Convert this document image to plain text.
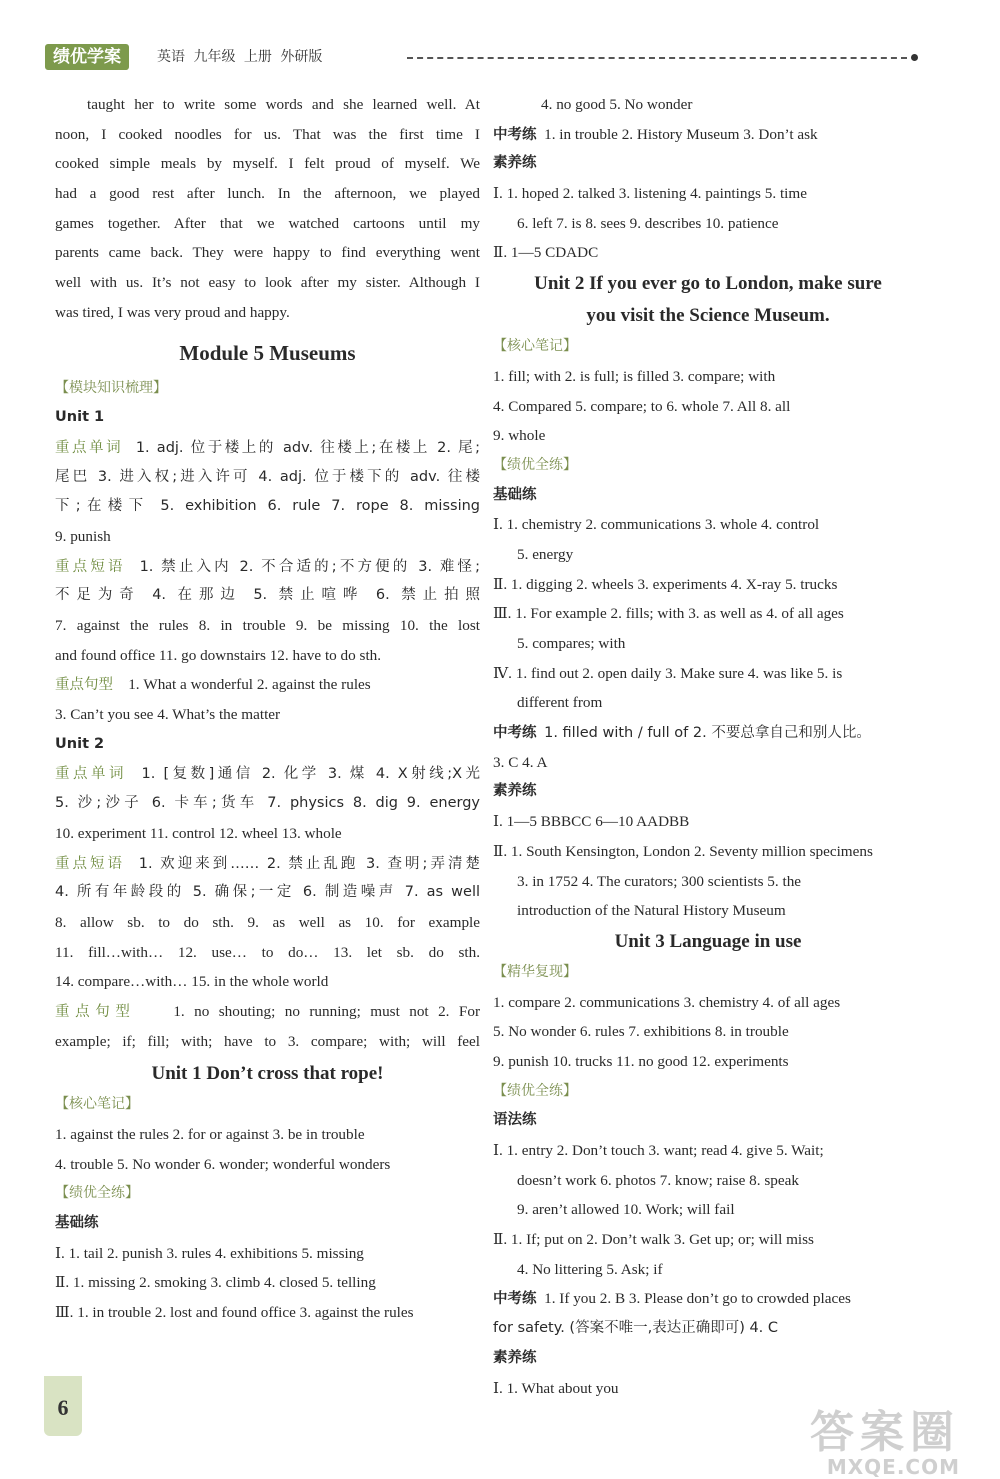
绩优学案	英语 九年级 上册 外研版
taught her to write some words and she learned well. At
noon, I cooked noodles for us. That was the first time I
cooked simple meals by myself. I felt proud of myself. We
had a good rest after lunch. In the afternoon, we played
games together. After that we watched cartoons until my
parents came back. They were happy to find everything went
well with us. It’s not easy to look after my sister. Although I
was tired, I was very proud and happy.
Module 5 Museums
【模块知识梳理】
Unit 1
重点单词 1. adj. 位于楼上的 adv. 往楼上;在楼上 2. 尾;
尾巴 3. 进入权;进入许可 4. adj. 位于楼下的 adv. 往楼
下;在楼下 5. exhibition 6. rule 7. rope 8. missing
9. punish
重点短语 1. 禁止入内 2. 不合适的;不方便的 3. 难怪;
不足为奇 4. 在那边 5. 禁止喧哗 6. 禁止拍照
7. against the rules 8. in trouble 9. be missing 10. the lost
and found office 11. go downstairs 12. have to do sth.
重点句型 1. What a wonderful 2. against the rules
3. Can’t you see 4. What’s the matter
Unit 2
重点单词 1. [复数]通信 2. 化学 3. 煤 4. X射线;X光
5. 沙;沙子 6. 卡车;货车 7. physics 8. dig 9. energy
10. experiment 11. control 12. wheel 13. whole
重点短语 1. 欢迎来到…… 2. 禁止乱跑 3. 查明;弄清楚
4. 所有年龄段的 5. 确保;一定 6. 制造噪声 7. as well
8. allow sb. to do sth. 9. as well as 10. for example
11. fill…with… 12. use… to do… 13. let sb. do sth.
14. compare…with… 15. in the whole world
重点句型 1. no shouting; no running; must not 2. For
example; if; fill; with; have to 3. compare; with; will feel
Unit 1 Don’t cross that rope!
【核心笔记】
1. against the rules 2. for or against 3. be in trouble
4. trouble 5. No wonder 6. wonder; wonderful wonders
【绩优全练】
基础练
Ⅰ. 1. tail 2. punish 3. rules 4. exhibitions 5. missing
Ⅱ. 1. missing 2. smoking 3. climb 4. closed 5. telling
Ⅲ. 1. in trouble 2. lost and found office 3. against the rules
4. no good 5. No wonder
中考练 1. in trouble 2. History Museum 3. Don’t ask
素养练
Ⅰ. 1. hoped 2. talked 3. listening 4. paintings 5. time
6. left 7. is 8. sees 9. describes 10. patience
Ⅱ. 1—5 CDADC
Unit 2 If you ever go to London, make sure
you visit the Science Museum.
【核心笔记】
1. fill; with 2. is full; is filled 3. compare; with
4. Compared 5. compare; to 6. whole 7. All 8. all
9. whole
【绩优全练】
基础练
Ⅰ. 1. chemistry 2. communications 3. whole 4. control
5. energy
Ⅱ. 1. digging 2. wheels 3. experiments 4. X-ray 5. trucks
Ⅲ. 1. For example 2. fills; with 3. as well as 4. of all ages
5. compares; with
Ⅳ. 1. find out 2. open daily 3. Make sure 4. was like 5. is
different from
中考练 1. filled with / full of 2. 不要总拿自己和别人比。
3. C 4. A
素养练
Ⅰ. 1—5 BBBCC 6—10 AADBB
Ⅱ. 1. South Kensington, London 2. Seventy million specimens
3. in 1752 4. The curators; 300 scientists 5. the
introduction of the Natural History Museum
Unit 3 Language in use
【精华复现】
1. compare 2. communications 3. chemistry 4. of all ages
5. No wonder 6. rules 7. exhibitions 8. in trouble
9. punish 10. trucks 11. no good 12. experiments
【绩优全练】
语法练
Ⅰ. 1. entry 2. Don’t touch 3. want; read 4. give 5. Wait;
doesn’t work 6. photos 7. know; raise 8. speak
9. aren’t allowed 10. Work; will fail
Ⅱ. 1. If; put on 2. Don’t walk 3. Get up; or; will miss
4. No littering 5. Ask; if
中考练 1. If you 2. B 3. Please don’t go to crowded places
for safety. (答案不唯一,表达正确即可) 4. C
素养练
Ⅰ. 1. What about you
6	答案圈
MXQE.COM
